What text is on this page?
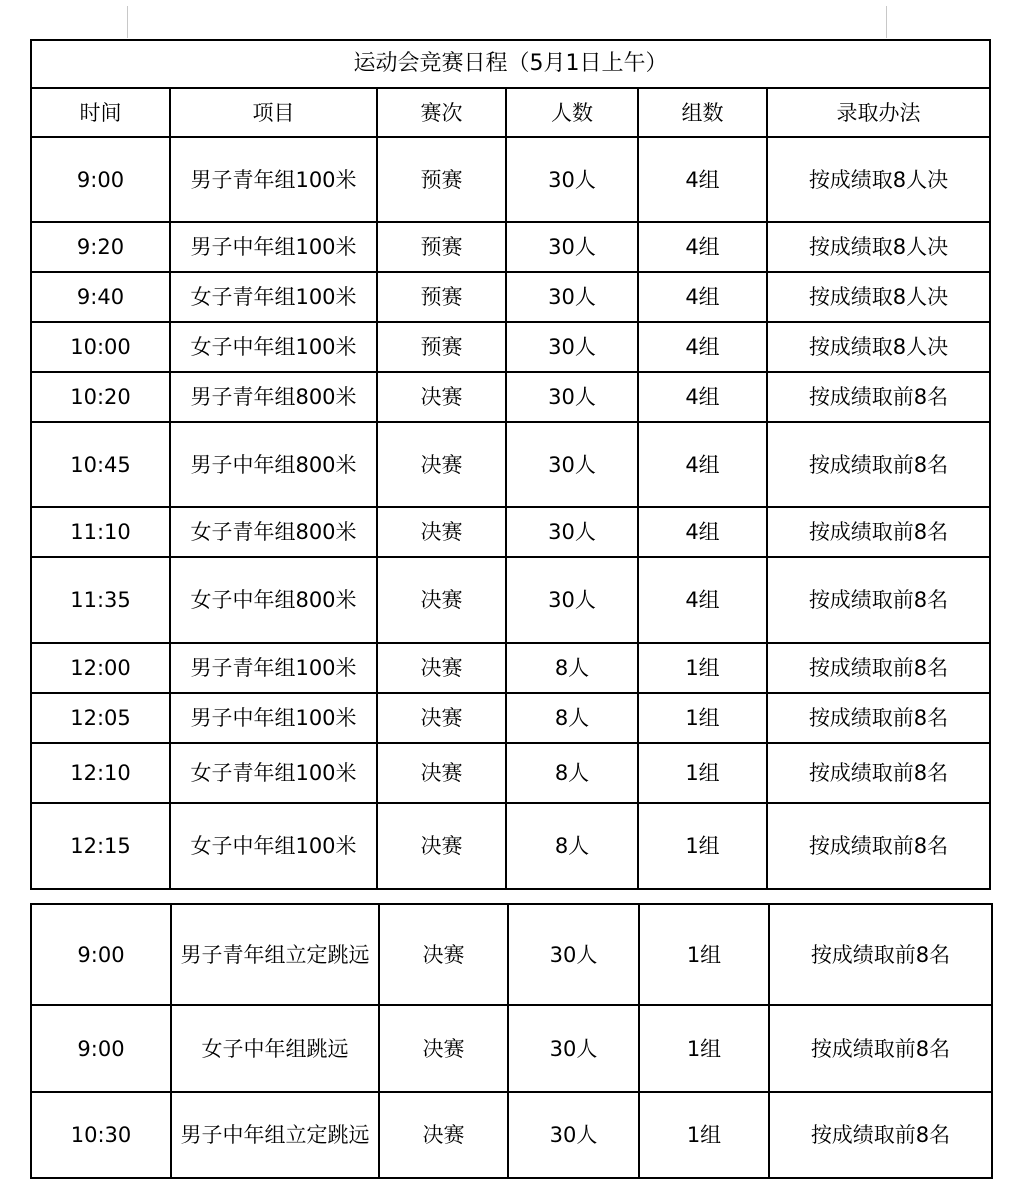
运动会竞赛日程（5月1日上午）					
时间	项目	赛次	人数	组数	录取办法
9:00	男子青年组100米	预赛	30人	4组	按成绩取8人决
9:20	男子中年组100米	预赛	30人	4组	按成绩取8人决
9:40	女子青年组100米	预赛	30人	4组	按成绩取8人决
10:00	女子中年组100米	预赛	30人	4组	按成绩取8人决
10:20	男子青年组800米	决赛	30人	4组	按成绩取前8名
10:45	男子中年组800米	决赛	30人	4组	按成绩取前8名
11:10	女子青年组800米	决赛	30人	4组	按成绩取前8名
11:35	女子中年组800米	决赛	30人	4组	按成绩取前8名
12:00	男子青年组100米	决赛	8人	1组	按成绩取前8名
12:05	男子中年组100米	决赛	8人	1组	按成绩取前8名
12:10	女子青年组100米	决赛	8人	1组	按成绩取前8名
12:15	女子中年组100米	决赛	8人	1组	按成绩取前8名
9:00	男子青年组立定跳远	决赛	30人	1组	按成绩取前8名
9:00	女子中年组跳远	决赛	30人	1组	按成绩取前8名
10:30	男子中年组立定跳远	决赛	30人	1组	按成绩取前8名
